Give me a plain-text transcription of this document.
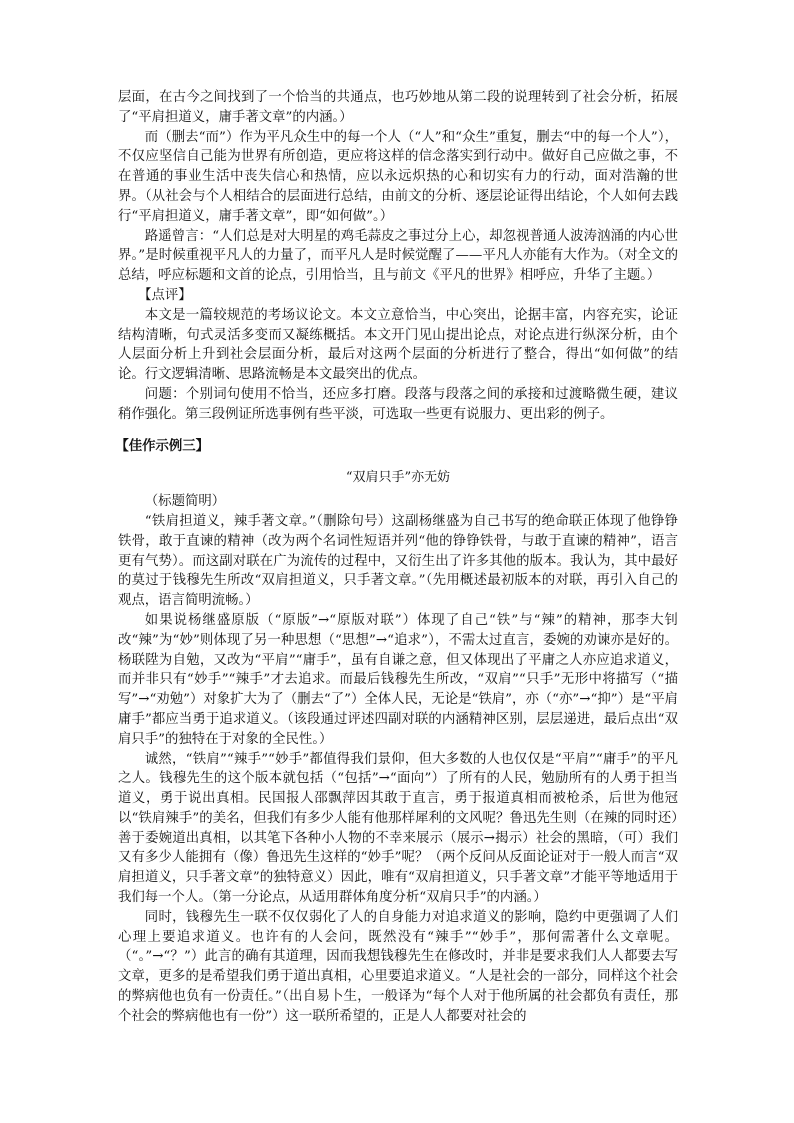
层面，在古今之间找到了一个恰当的共通点，也巧妙地从第二段的说理转到了社会分析，拓展了“平肩担道义，庸手著文章”的内涵。）

而（删去“而”）作为平凡众生中的每一个人（“人”和“众生”重复，删去“中的每一个人”），不仅应坚信自己能为世界有所创造，更应将这样的信念落实到行动中。做好自己应做之事，不在普通的事业生活中丧失信心和热情，应以永远炽热的心和切实有力的行动，面对浩瀚的世界。（从社会与个人相结合的层面进行总结，由前文的分析、逐层论证得出结论，个人如何去践行“平肩担道义，庸手著文章”，即“如何做”。）

路遥曾言：“人们总是对大明星的鸡毛蒜皮之事过分上心，却忽视普通人波涛汹涌的内心世界。”是时候重视平凡人的力量了，而平凡人是时候觉醒了——平凡人亦能有大作为。（对全文的总结，呼应标题和文首的论点，引用恰当，且与前文《平凡的世界》相呼应，升华了主题。）

【点评】

本文是一篇较规范的考场议论文。本文立意恰当，中心突出，论据丰富，内容充实，论证结构清晰，句式灵活多变而又凝练概括。本文开门见山提出论点，对论点进行纵深分析，由个人层面分析上升到社会层面分析，最后对这两个层面的分析进行了整合，得出“如何做”的结论。行文逻辑清晰、思路流畅是本文最突出的优点。

问题：个别词句使用不恰当，还应多打磨。段落与段落之间的承接和过渡略微生硬，建议稍作强化。第三段例证所选事例有些平淡，可选取一些更有说服力、更出彩的例子。

【佳作示例三】

“双肩只手”亦无妨

（标题简明）

“铁肩担道义，辣手著文章。”（删除句号）这副杨继盛为自己书写的绝命联正体现了他铮铮铁骨，敢于直谏的精神（改为两个名词性短语并列“他的铮铮铁骨，与敢于直谏的精神”，语言更有气势）。而这副对联在广为流传的过程中，又衍生出了许多其他的版本。我认为，其中最好的莫过于钱穆先生所改“双肩担道义，只手著文章。”（先用概述最初版本的对联，再引入自己的观点，语言简明流畅。）

如果说杨继盛原版（“原版”→“原版对联”）体现了自己“铁”与“辣”的精神，那李大钊改“辣”为“妙”则体现了另一种思想（“思想”→“追求”），不需太过直言，委婉的劝谏亦是好的。杨联陞为自勉，又改为“平肩”“庸手”，虽有自谦之意，但又体现出了平庸之人亦应追求道义，而并非只有“妙手”“辣手”才去追求。而最后钱穆先生所改，“双肩”“只手”无形中将描写（“描写”→“劝勉”）对象扩大为了（删去“了”）全体人民，无论是“铁肩”，亦（“亦”→“抑”）是“平肩庸手”都应当勇于追求道义。（该段通过评述四副对联的内涵精神区别，层层递进，最后点出“双肩只手”的独特在于对象的全民性。）

诚然，“铁肩”“辣手”“妙手”都值得我们景仰，但大多数的人也仅仅是“平肩”“庸手”的平凡之人。钱穆先生的这个版本就包括（“包括”→“面向”）了所有的人民，勉励所有的人勇于担当道义，勇于说出真相。民国报人邵飘萍因其敢于直言，勇于报道真相而被枪杀，后世为他冠以“铁肩辣手”的美名，但我们有多少人能有他那样犀利的文风呢？鲁迅先生则（在辣的同时还）善于委婉道出真相，以其笔下各种小人物的不幸来展示（展示→揭示）社会的黑暗，（可）我们又有多少人能拥有（像）鲁迅先生这样的“妙手”呢？（两个反问从反面论证对于一般人而言“双肩担道义，只手著文章”的独特意义）因此，唯有“双肩担道义，只手著文章”才能平等地适用于我们每一个人。（第一分论点，从适用群体角度分析“双肩只手”的内涵。）

同时，钱穆先生一联不仅仅弱化了人的自身能力对追求道义的影响，隐约中更强调了人们心理上要追求道义。也许有的人会问，既然没有“辣手”“妙手”，那何需著什么文章呢。（“。”→“？”）此言的确有其道理，因而我想钱穆先生在修改时，并非是要求我们人人都要去写文章，更多的是希望我们勇于道出真相，心里要追求道义。“人是社会的一部分，同样这个社会的弊病他也负有一份责任。”（出自易卜生，一般译为“每个人对于他所属的社会都负有责任，那个社会的弊病他也有一份”）这一联所希望的，正是人人都要对社会的
